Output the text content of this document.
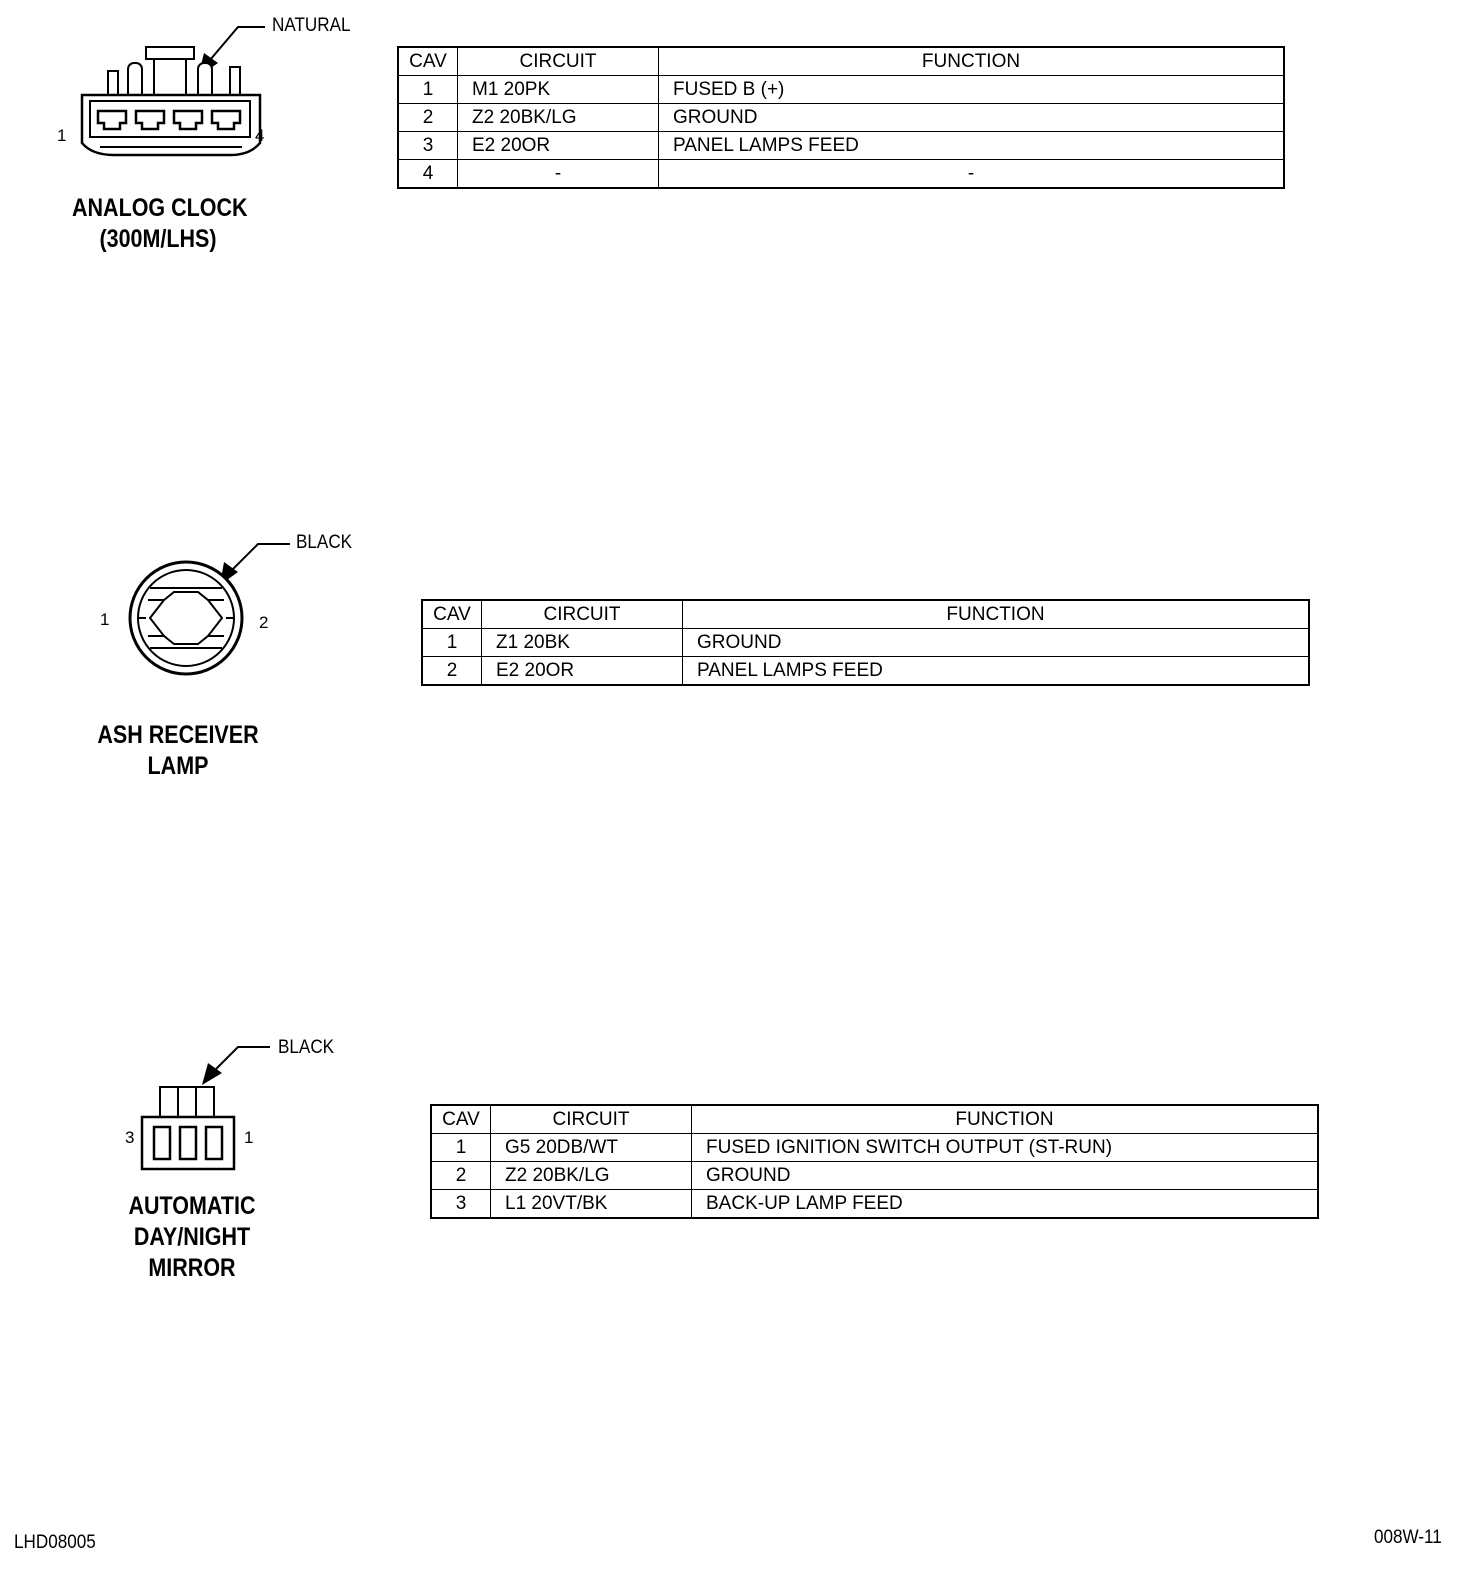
NATURAL
1	4
ANALOG CLOCK
(300M/LHS)
CAV	CIRCUIT	FUNCTION
1	M1 20PK	FUSED B (+)
2	Z2 20BK/LG	GROUND
3	E2 20OR	PANEL LAMPS FEED
4	-	-
BLACK
1	2
ASH RECEIVER
LAMP
CAV	CIRCUIT	FUNCTION
1	Z1 20BK	GROUND
2	E2 20OR	PANEL LAMPS FEED
BLACK
3	1
AUTOMATIC
DAY/NIGHT
MIRROR
CAV	CIRCUIT	FUNCTION
1	G5 20DB/WT	FUSED IGNITION SWITCH OUTPUT (ST-RUN)
2	Z2 20BK/LG	GROUND
3	L1 20VT/BK	BACK-UP LAMP FEED
LHD08005	008W-11
